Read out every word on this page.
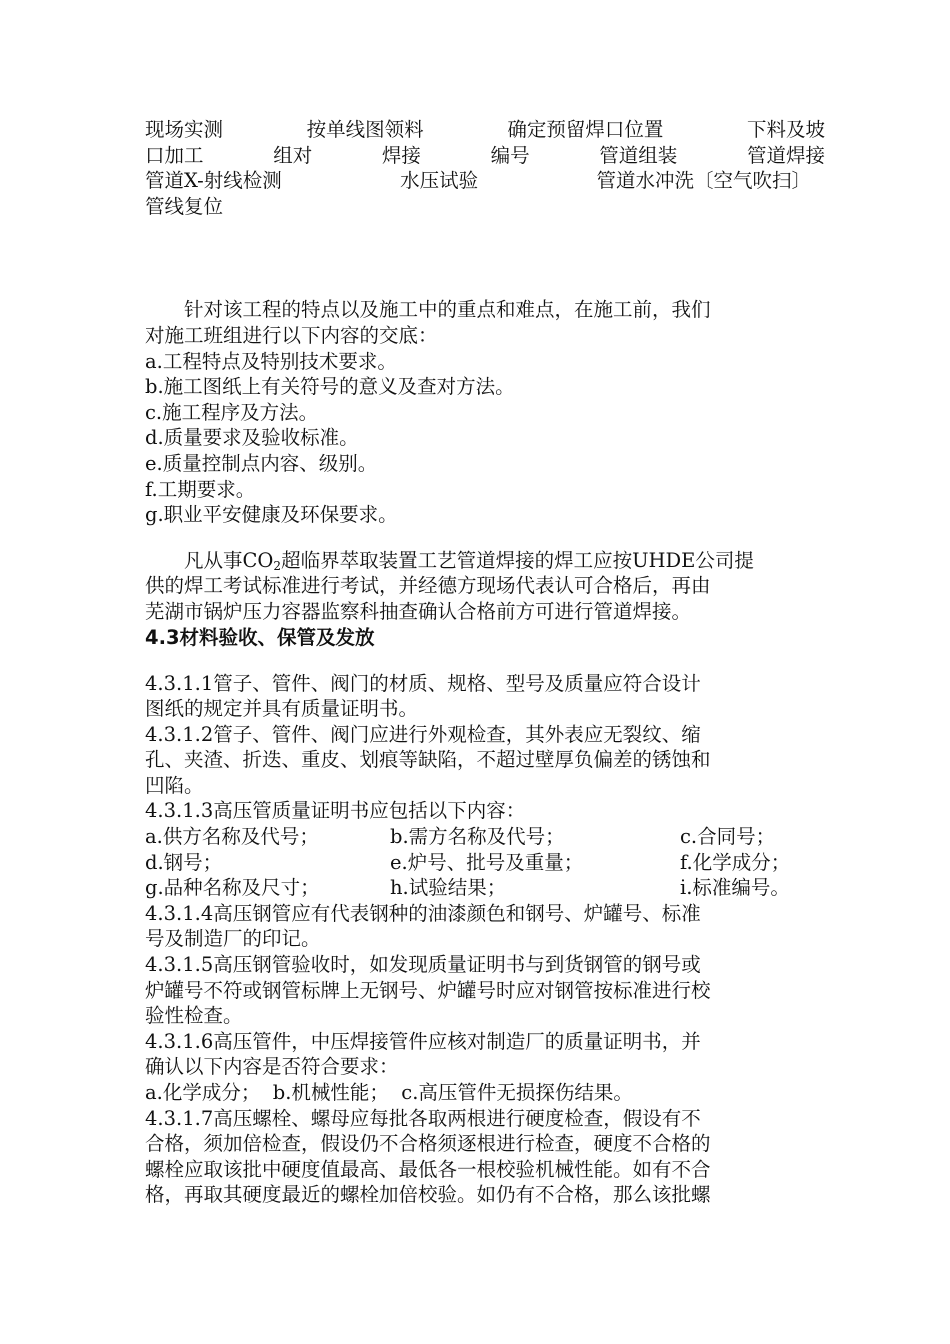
现场实测	按单线图领料	确定预留焊口位置	下料及坡
口加工	组对	焊接	编号	管道组装	管道焊接
管道X-射线检测	水压试验	管道水冲洗〔空气吹扫〕
管线复位
针对该工程的特点以及施工中的重点和难点，在施工前，我们
对施工班组进行以下内容的交底：
a.工程特点及特别技术要求。
b.施工图纸上有关符号的意义及查对方法。
c.施工程序及方法。
d.质量要求及验收标准。
e.质量控制点内容、级别。
f.工期要求。
g.职业平安健康及环保要求。
凡从事$CO_2$超临界萃取装置工艺管道焊接的焊工应按UHDE公司提
供的焊工考试标准进行考试，并经德方现场代表认可合格后，再由
芜湖市锅炉压力容器监察科抽查确认合格前方可进行管道焊接。
4.3材料验收、保管及发放
4.3.1.1管子、管件、阀门的材质、规格、型号及质量应符合设计
图纸的规定并具有质量证明书。
4.3.1.2管子、管件、阀门应进行外观检查，其外表应无裂纹、缩
孔、夹渣、折迭、重皮、划痕等缺陷，不超过壁厚负偏差的锈蚀和
凹陷。
4.3.1.3高压管质量证明书应包括以下内容：
a.供方名称及代号；	b.需方名称及代号；	c.合同号；
d.钢号；	e.炉号、批号及重量；	f.化学成分；
g.品种名称及尺寸；	h.试验结果；	i.标准编号。
4.3.1.4高压钢管应有代表钢种的油漆颜色和钢号、炉罐号、标准
号及制造厂的印记。
4.3.1.5高压钢管验收时，如发现质量证明书与到货钢管的钢号或
炉罐号不符或钢管标牌上无钢号、炉罐号时应对钢管按标准进行校
验性检查。
4.3.1.6高压管件，中压焊接管件应核对制造厂的质量证明书，并
确认以下内容是否符合要求：
a.化学成分；  b.机械性能；  c.高压管件无损探伤结果。
4.3.1.7高压螺栓、螺母应每批各取两根进行硬度检查，假设有不
合格，须加倍检查，假设仍不合格须逐根进行检查，硬度不合格的
螺栓应取该批中硬度值最高、最低各一根校验机械性能。如有不合
格，再取其硬度最近的螺栓加倍校验。如仍有不合格，那么该批螺
